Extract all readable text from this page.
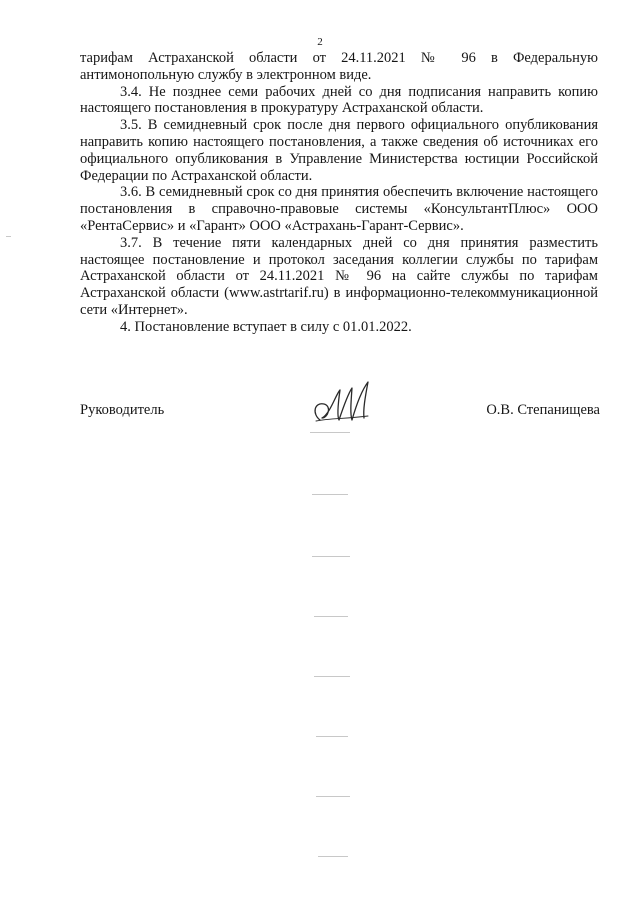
2

тарифам Астраханской области от 24.11.2021 № 96 в Федеральную антимонопольную службу в электронном виде.

3.4. Не позднее семи рабочих дней со дня подписания направить копию настоящего постановления в прокуратуру Астраханской области.

3.5. В семидневный срок после дня первого официального опубликования направить копию настоящего постановления, а также сведения об источниках его официального опубликования в Управление Министерства юстиции Российской Федерации по Астраханской области.

3.6. В семидневный срок со дня принятия обеспечить включение настоящего постановления в справочно-правовые системы «КонсультантПлюс» ООО «РентаСервис» и «Гарант» ООО «Астрахань-Гарант-Сервис».

3.7. В течение пяти календарных дней со дня принятия разместить настоящее постановление и протокол заседания коллегии службы по тарифам Астраханской области от 24.11.2021 № 96 на сайте службы по тарифам Астраханской области (www.astrtarif.ru) в информационно-телекоммуникационной сети «Интернет».

4. Постановление вступает в силу с 01.01.2022.

Руководитель	О.В. Степанищева
